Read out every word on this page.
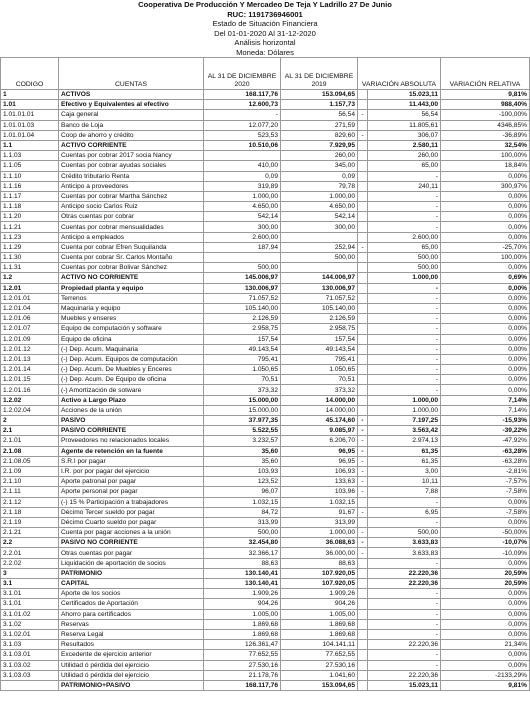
Cooperativa De Producción Y Mercadeo De Teja Y Ladrillo 27 De Junio
RUC: 1191736946001
Estado de Situación Financiera
Del 01-01-2020 Al 31-12-2020
Análisis horizontal
Moneda: Dólares
CODIGO	CUENTAS	AL 31 DE DICIEMBRE 2020	AL 31 DE DICIEMBRE 2019	VARIACIÓN ABSOLUTA		VARIACIÓN RELATIVA
1	ACTIVOS	168.117,76	153.094,65		15.023,11	9,81%
1.01	Efectivo y Equivalentes al efectivo	12.600,73	1.157,73		11.443,00	988,40%
1.01.01.01	Caja general	-	56,54	-	56,54	-100,00%
1.01.01.03	Banco de Loja	12.077,20	271,59		11.805,61	4346,85%
1.01.01.04	Coop de ahorro y crédito	523,53	829,60	-	306,07	-36,89%
1.1	ACTIVO CORRIENTE	10.510,06	7.929,95		2.580,11	32,54%
1.1.03	Cuentas por cobrar 2017 socia Nancy		260,00		260,00	100,00%
1.1.05	Cuentas por cobrar ayudas sociales	410,00	345,00		65,00	18,84%
1.1.10	Crédito tributario Renta	0,09	0,09		-	0,00%
1.1.16	Anticipo a proveedores	319,89	79,78		240,11	300,97%
1.1.17	Cuentas por cobrar Martha Sánchez	1.000,00	1.000,00		-	0,00%
1.1.18	Anticipo socio Carlos Ruiz	4.650,00	4.650,00		-	0,00%
1.1.20	Otras cuentas por cobrar	542,14	542,14		-	0,00%
1.1.21	Cuentas por cobrar mensualidades	300,00	300,00		-	0,00%
1.1.23	Anticipo a empleados	2.600,00			2.600,00	0,00%
1.1.29	Cuenta por cobrar Efren Suquilanda	187,94	252,94	-	65,00	-25,70%
1.1.30	Cuenta por cobrar Sr. Carlos Montaño		500,00		500,00	100,00%
1.1.31	Cuentas por cobrar Bolivar Sánchez	500,00			500,00	0,00%
1.2	ACTIVO NO CORRIENTE	145.006,97	144.006,97		1.000,00	0,69%
1.2.01	Propiedad planta y equipo	130.006,97	130.006,97		-	0,00%
1.2.01.01	Terrenos	71.057,52	71.057,52		-	0,00%
1.2.01.04	Maquinaria y equipo	105.140,00	105.140,00		-	0,00%
1.2.01.06	Muebles y enseres	2.126,59	2.126,59		-	0,00%
1.2.01.07	Equipo de computación y software	2.958,75	2.958,75		-	0,00%
1.2.01.09	Equipo de oficina	157,54	157,54		-	0,00%
1.2.01.12	(-) Dep. Acum. Maquinaria	49.143,54	49.143,54		-	0,00%
1.2.01.13	(-) Dep. Acum. Equipos de computación	795,41	795,41		-	0,00%
1.2.01.14	(-) Dep. Acum. De Muebles y Enceres	1.050,65	1.050,65		-	0,00%
1.2.01.15	(-) Dep. Acum. De Equipo de oficina	70,51	70,51		-	0,00%
1.2.01.16	(-) Amortización de sotware	373,32	373,32		-	0,00%
1.2.02	Activo a Largo Plazo	15.000,00	14.000,00		1.000,00	7,14%
1.2.02.04	Acciones de la unión	15.000,00	14.000,00		1.000,00	7,14%
2	PASIVO	37.977,35	45.174,60	-	7.197,25	-15,93%
2.1	PASIVO CORRIENTE	5.522,55	9.085,97	-	3.563,42	-39,22%
2.1.01	Proveedores no relacionados locales	3.232,57	6.206,70	-	2.974,13	-47,92%
2.1.08	Agente de retención en la fuente	35,60	96,95	-	61,35	-63,28%
2.1.08.05	S.R.I por pagar	35,60	96,95	-	61,35	-63,28%
2.1.09	I.R. por por pagar del ejercicio	103,93	106,93	-	3,00	-2,81%
2.1.10	Aporte patronal por pagar	123,52	133,63	-	10,11	-7,57%
2.1.11	Aporte personal por pagar	96,07	103,96	-	7,88	-7,58%
2.1.12	(-) 15 % Participación a trabajadores	1.032,15	1.032,15		-	0,00%
2.1.18	Décimo Tercer sueldo por pagar	84,72	91,67	-	6,95	-7,58%
2.1.19	Décimo Cuarto sueldo por pagar	313,99	313,99		-	0,00%
2.1.21	Cuenta por pagar acciones a la unión	500,00	1.000,00	-	500,00	-50,00%
2.2	PASIVO NO CORRIENTE	32.454,80	36.088,63	-	3.633,83	-10,07%
2.2.01	Otras cuentas por pagar	32.366,17	36.000,00	-	3.633,83	-10,09%
2.2.02	Liquidación de aportación de socios	88,63	88,63		-	0,00%
3	PATRIMONIO	130.140,41	107.920,05		22.220,36	20,59%
3.1	CAPITAL	130.140,41	107.920,05		22.220,36	20,59%
3.1.01	Aporte de los socios	1.909,26	1.909,26		-	0,00%
3.1.01	Certificados de Aportación	904,26	904,26		-	0,00%
3.1.01.02	Ahorro para certificados	1.005,00	1.005,00		-	0,00%
3.1.02	Reservas	1.869,68	1.869,68		-	0,00%
3.1.02.01	Reserva Legal	1.869,68	1.869,68		-	0,00%
3.1.03	Resultados	126.361,47	104.141,11		22.220,36	21,34%
3.1.03.01	Excedente de ejercicio anterior	77.652,55	77.652,55		-	0,00%
3.1.03.02	Utilidad ó pérdida del ejercicio	27.530,16	27.530,16		-	0,00%
3.1.03.03	Utilidad ó pérdida del ejercicio	21.178,76	1.041,60		22.220,36	-2133,29%
	PATRIMONIO+PASIVO	168.117,76	153.094,65		15.023,11	9,81%
